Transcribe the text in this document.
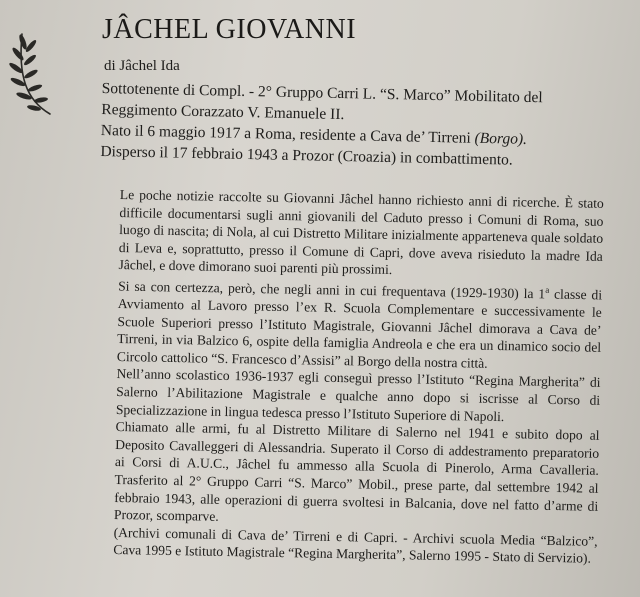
JÂCHEL GIOVANNI
di Jâchel Ida

Sottotenente di Compl. - 2° Gruppo Carri L. “S. Marco” Mobilitato del

Reggimento Corazzato V. Emanuele II.

Nato il 6 maggio 1917 a Roma, residente a Cava de’ Tirreni (Borgo).

Disperso il 17 febbraio 1943 a Prozor (Croazia) in combattimento.

Le poche notizie raccolte su Giovanni Jâchel hanno richiesto anni di ricerche. È stato difficile documentarsi sugli anni giovanili del Caduto presso i Comuni di Roma, suo luogo di nascita; di Nola, al cui Distretto Militare inizialmente apparteneva quale soldato di Leva e, soprattutto, presso il Comune di Capri, dove aveva risieduto la madre Ida Jâchel, e dove dimorano suoi parenti più prossimi.

Si sa con certezza, però, che negli anni in cui frequentava (1929-1930) la 1$^a$ classe di Avviamento al Lavoro presso l’ex R. Scuola Complementare e successivamente le Scuole Superiori presso l’Istituto Magistrale, Giovanni Jâchel dimorava a Cava de’ Tirreni, in via Balzico 6, ospite della famiglia Andreola e che era un dinamico socio del Circolo cattolico “S. Francesco d’Assisi” al Borgo della nostra città.

Nell’anno scolastico 1936-1937 egli conseguì presso l’Istituto “Regina Margherita” di Salerno l’Abilitazione Magistrale e qualche anno dopo si iscrisse al Corso di Specializzazione in lingua tedesca presso l’Istituto Superiore di Napoli.

Chiamato alle armi, fu al Distretto Militare di Salerno nel 1941 e subito dopo al Deposito Cavalleggeri di Alessandria. Superato il Corso di addestramento preparatorio ai Corsi di A.U.C., Jâchel fu ammesso alla Scuola di Pinerolo, Arma Cavalleria. Trasferito al 2° Gruppo Carri “S. Marco” Mobil., prese parte, dal settembre 1942 al febbraio 1943, alle operazioni di guerra svoltesi in Balcania, dove nel fatto d’arme di Prozor, scomparve.

(Archivi comunali di Cava de’ Tirreni e di Capri. - Archivi scuola Media “Balzico”, Cava 1995 e Istituto Magistrale “Regina Margherita”, Salerno 1995 - Stato di Servizio).
